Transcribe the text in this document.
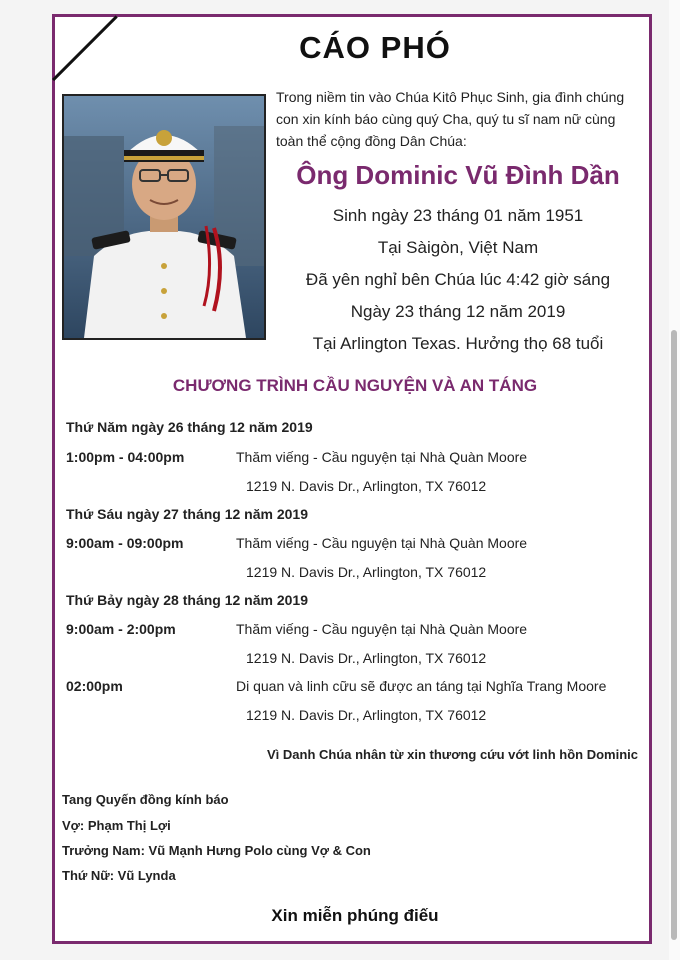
CÁO PHÓ
Trong niềm tin vào Chúa Kitô Phục Sinh, gia đình chúng con xin kính báo cùng quý Cha, quý tu sĩ nam nữ cùng toàn thể cộng đồng Dân Chúa:
Ông Dominic Vũ Đình Dần
Sinh ngày 23 tháng 01 năm 1951
Tại Sàigòn, Việt Nam
Đã yên nghỉ bên Chúa lúc 4:42 giờ sáng
Ngày 23 tháng 12 năm 2019
Tại Arlington Texas. Hưởng thọ 68 tuổi
CHƯƠNG TRÌNH CẦU NGUYỆN VÀ AN TÁNG
Thứ Năm ngày 26 tháng 12 năm 2019
1:00pm - 04:00pm	Thăm viếng - Cầu nguyện tại Nhà Quàn Moore
1219 N. Davis Dr., Arlington, TX 76012
Thứ Sáu ngày 27 tháng 12 năm 2019
9:00am - 09:00pm	Thăm viếng - Cầu nguyện tại Nhà Quàn Moore
1219 N. Davis Dr., Arlington, TX 76012
Thứ Bảy ngày 28 tháng 12 năm 2019
9:00am - 2:00pm	Thăm viếng - Cầu nguyện tại Nhà Quàn Moore
1219 N. Davis Dr., Arlington, TX 76012
02:00pm	Di quan và linh cữu sẽ được an táng tại Nghĩa Trang Moore
1219 N. Davis Dr., Arlington, TX 76012
Vì Danh Chúa nhân từ xin thương cứu vớt linh hồn Dominic
Tang Quyến đồng kính báo
Vợ: Phạm Thị Lợi
Trưởng Nam: Vũ Mạnh Hưng Polo cùng Vợ & Con
Thứ Nữ: Vũ Lynda
Xin miễn phúng điếu
